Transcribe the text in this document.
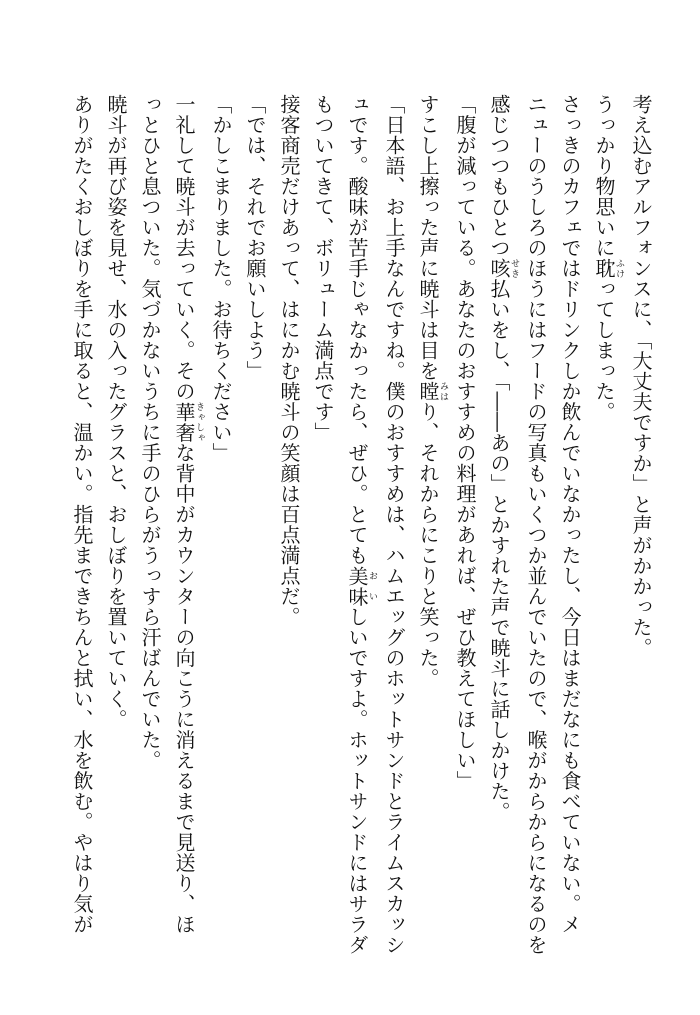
考え込むアルフォンスに、「大丈夫ですか」と声がかかった。
うっかり物思いに耽ふけってしまった。
さっきのカフェではドリンクしか飲んでいなかったし、今日はまだなにも食べていない。メ
ニューのうしろのほうにはフードの写真もいくつか並んでいたので、喉がからからになるのを
感じつつもひとつ咳せき払いをし、「――あの」とかすれた声で暁斗に話しかけた。
「腹が減っている。あなたのおすすめの料理があれば、ぜひ教えてほしい」
すこし上擦った声に暁斗は目を瞠みはり、それからにこりと笑った。
「日本語、お上手なんですね。僕のおすすめは、ハムエッグのホットサンドとライムスカッシ
ュです。酸味が苦手じゃなかったら、ぜひ。とても美味おいしいですよ。ホットサンドにはサラダ
もついてきて、ボリューム満点です」
接客商売だけあって、はにかむ暁斗の笑顔は百点満点だ。
「では、それでお願いしよう」
「かしこまりました。お待ちください」
一礼して暁斗が去っていく。その華奢きゃしゃな背中がカウンターの向こうに消えるまで見送り、ほ
っとひと息ついた。気づかないうちに手のひらがうっすら汗ばんでいた。
暁斗が再び姿を見せ、水の入ったグラスと、おしぼりを置いていく。
ありがたくおしぼりを手に取ると、温かい。指先まできちんと拭い、水を飲む。やはり気が
